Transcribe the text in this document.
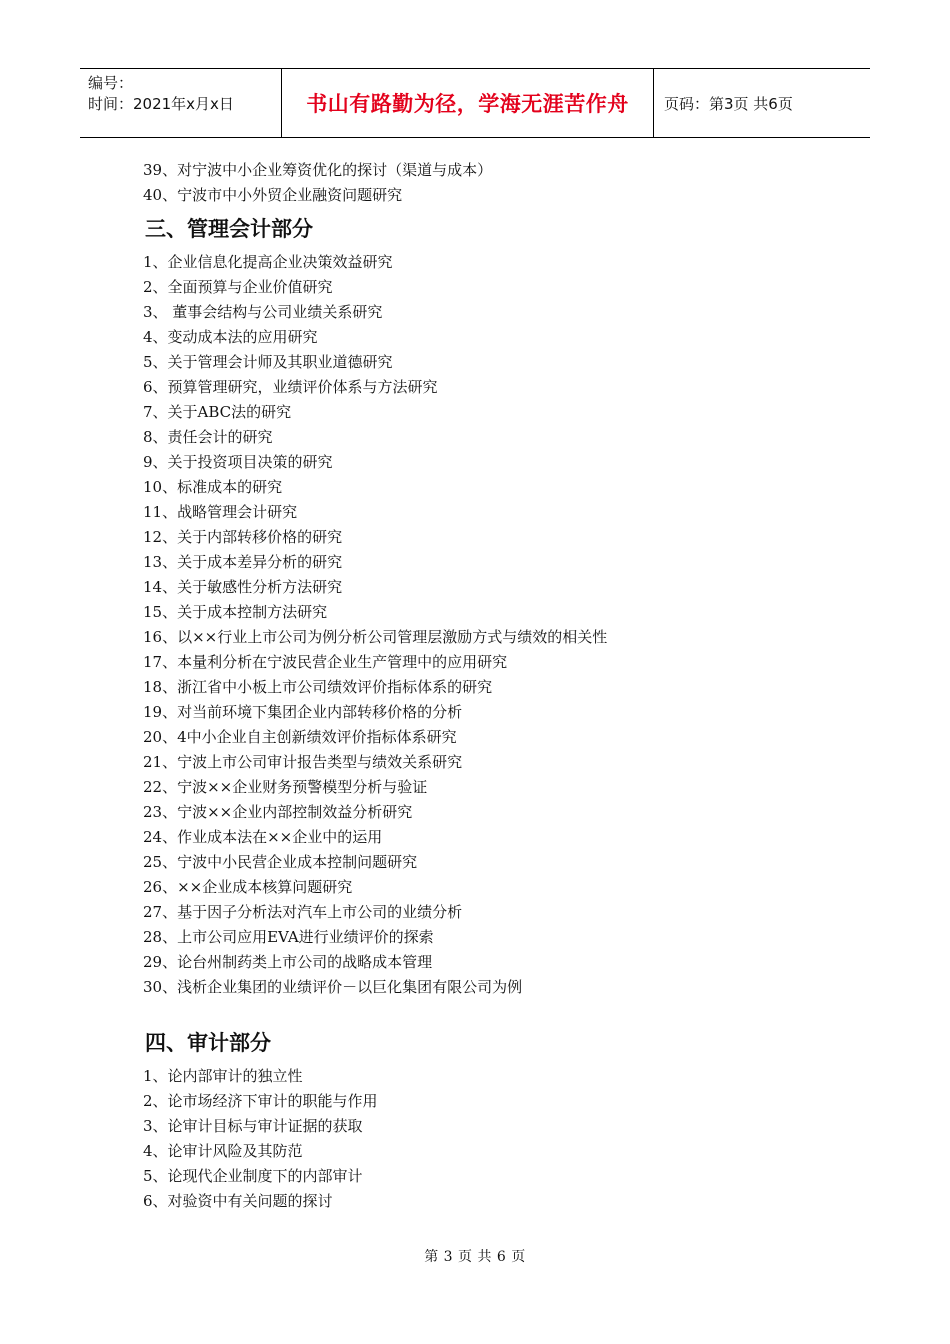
编号：
时间：2021年x月x日	书山有路勤为径，学海无涯苦作舟	页码：第3页 共6页
39、对宁波中小企业筹资优化的探讨（渠道与成本）
40、宁波市中小外贸企业融资问题研究
三、管理会计部分
1、企业信息化提高企业决策效益研究
2、全面预算与企业价值研究
3、 董事会结构与公司业绩关系研究
4、变动成本法的应用研究
5、关于管理会计师及其职业道德研究
6、预算管理研究，业绩评价体系与方法研究
7、关于ABC法的研究
8、责任会计的研究
9、关于投资项目决策的研究
10、标准成本的研究
11、战略管理会计研究
12、关于内部转移价格的研究
13、关于成本差异分析的研究
14、关于敏感性分析方法研究
15、关于成本控制方法研究
16、以××行业上市公司为例分析公司管理层激励方式与绩效的相关性
17、本量利分析在宁波民营企业生产管理中的应用研究
18、浙江省中小板上市公司绩效评价指标体系的研究
19、对当前环境下集团企业内部转移价格的分析
20、4中小企业自主创新绩效评价指标体系研究
21、宁波上市公司审计报告类型与绩效关系研究
22、宁波××企业财务预警模型分析与验证
23、宁波××企业内部控制效益分析研究
24、作业成本法在××企业中的运用
25、宁波中小民营企业成本控制问题研究
26、××企业成本核算问题研究
27、基于因子分析法对汽车上市公司的业绩分析
28、上市公司应用EVA进行业绩评价的探索
29、论台州制药类上市公司的战略成本管理
30、浅析企业集团的业绩评价－以巨化集团有限公司为例
四、审计部分
1、论内部审计的独立性
2、论市场经济下审计的职能与作用
3、论审计目标与审计证据的获取
4、论审计风险及其防范
5、论现代企业制度下的内部审计
6、对验资中有关问题的探讨
第 3 页 共 6 页
